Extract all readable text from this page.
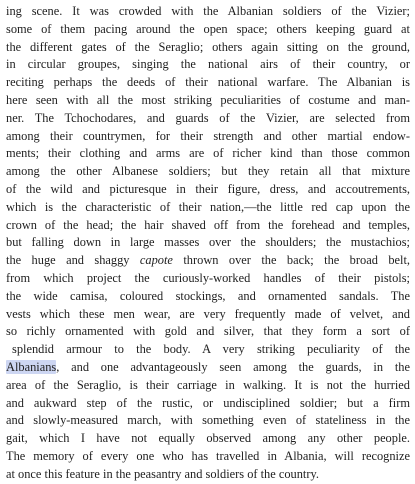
ing scene. It was crowded with the Albanian soldiers of the Vizier;
some of them pacing around the open space; others keeping guard at
the different gates of the Seraglio; others again sitting on the ground,
in circular groupes, singing the national airs of their country, or
reciting perhaps the deeds of their national warfare. The Albanian is
here seen with all the most striking peculiarities of costume and man-
ner. The Tchochodares, and guards of the Vizier, are selected from
among their countrymen, for their strength and other martial endow-
ments; their clothing and arms are of richer kind than those common
among the other Albanese soldiers; but they retain all that mixture
of the wild and picturesque in their figure, dress, and accoutrements,
which is the characteristic of their nation,—the little red cap upon the
crown of the head; the hair shaved off from the forehead and temples,
but falling down in large masses over the shoulders; the mustachios;
the huge and shaggy capote thrown over the back; the broad belt,
from which project the curiously-worked handles of their pistols;
the wide camisa, coloured stockings, and ornamented sandals. The
vests which these men wear, are very frequently made of velvet, and
so richly ornamented with gold and silver, that they form a sort of
splendid armour to the body. A very striking peculiarity of the
Albanians, and one advantageously seen among the guards, in the
area of the Seraglio, is their carriage in walking. It is not the hurried
and aukward step of the rustic, or undisciplined soldier; but a firm
and slowly-measured march, with something even of stateliness in the
gait, which I have not equally observed among any other people.
The memory of every one who has travelled in Albania, will recognize
at once this feature in the peasantry and soldiers of the country.
